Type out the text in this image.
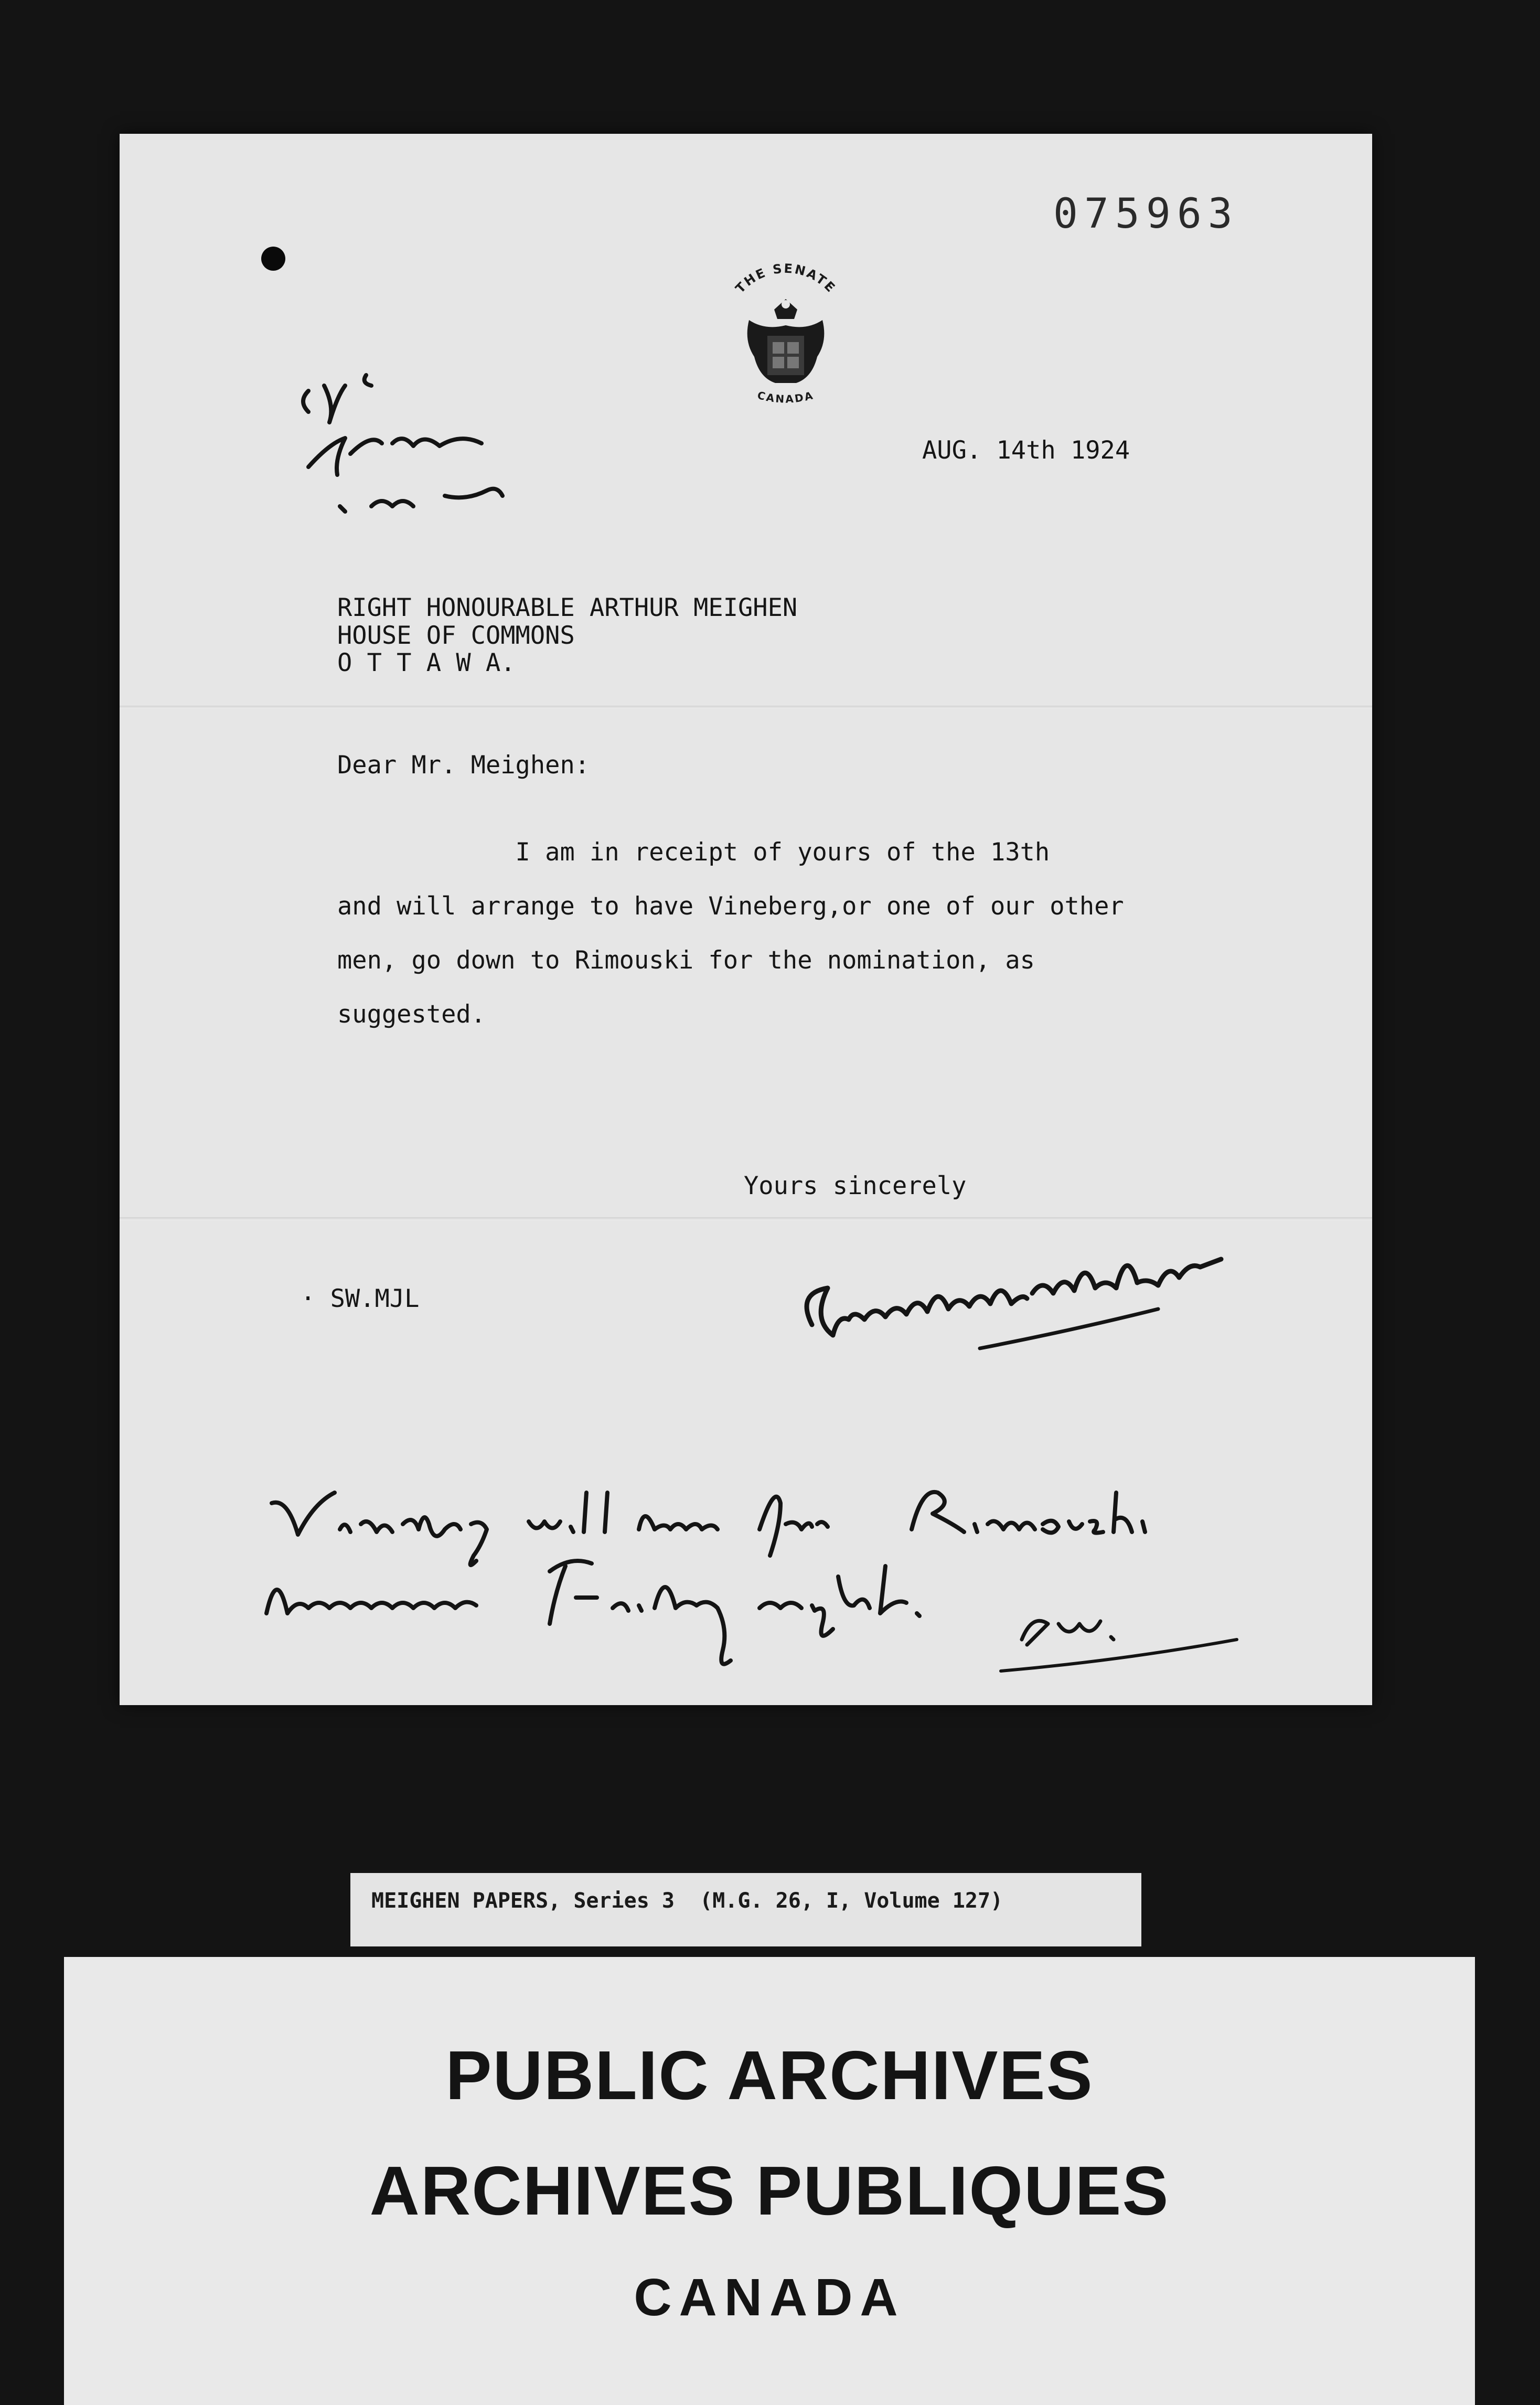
075963
THE SENATE
CANADA
AUG. 14th 1924
RIGHT HONOURABLE ARTHUR MEIGHEN
HOUSE OF COMMONS
O T T A W A.
Dear Mr. Meighen:
I am in receipt of yours of the 13th
and will arrange to have Vineberg,or one of our other
men, go down to Rimouski for the nomination, as
suggested.
Yours sincerely
· SW.MJL
MEIGHEN PAPERS, Series 3  (M.G. 26, I, Volume 127)
PUBLIC ARCHIVES
ARCHIVES PUBLIQUES
CANADA
